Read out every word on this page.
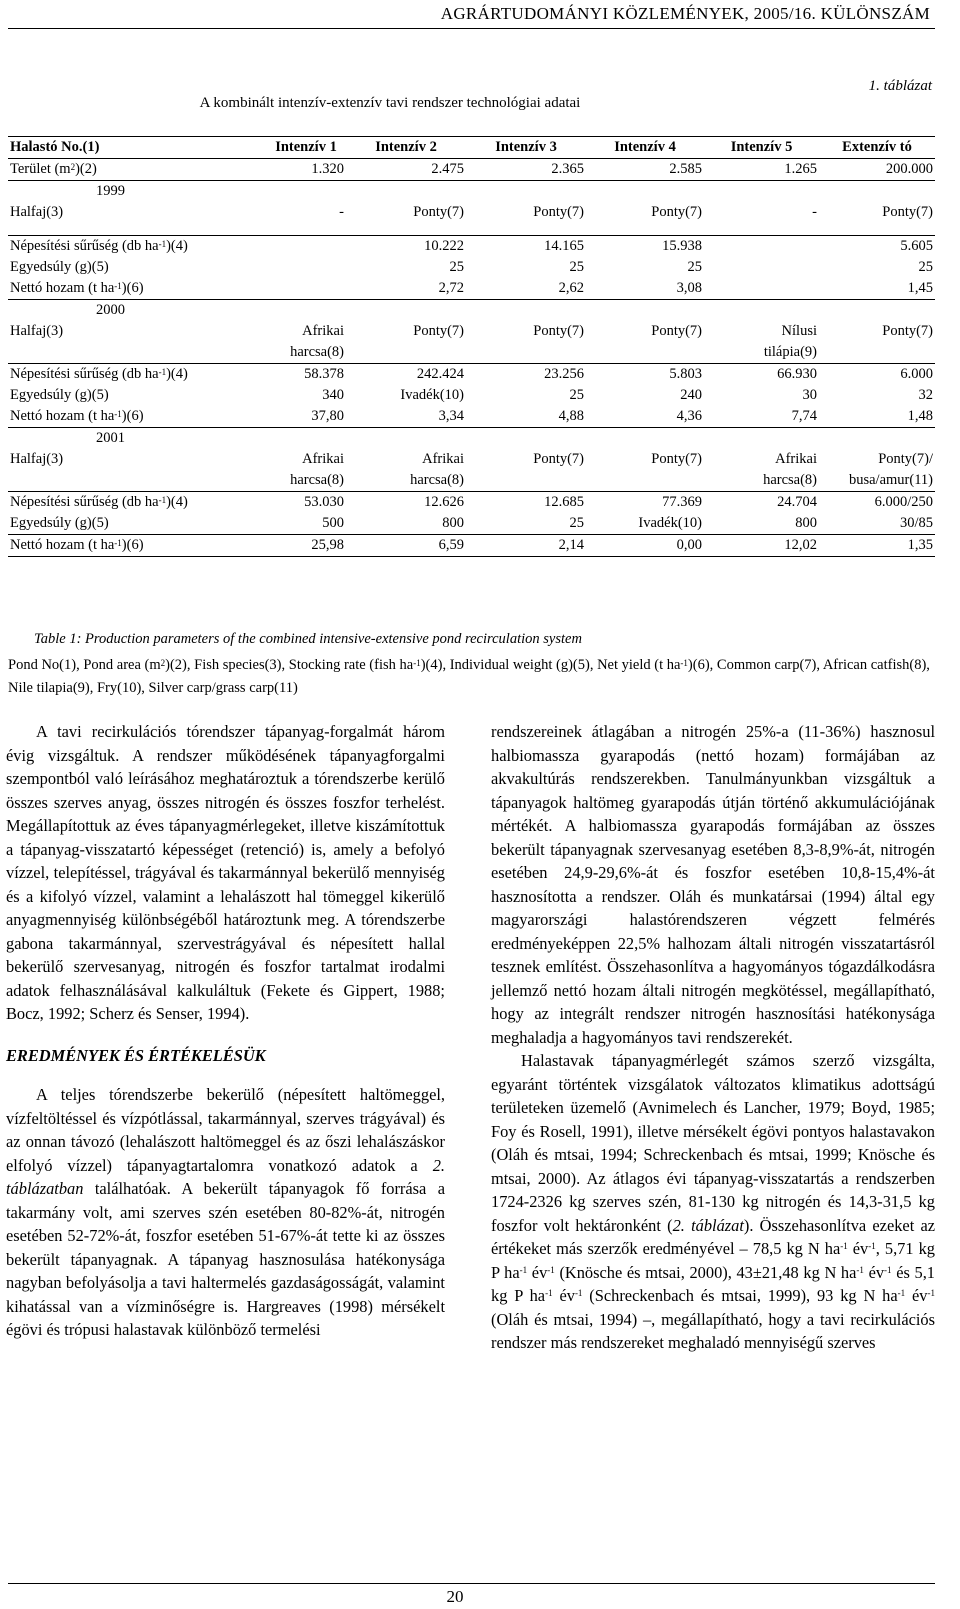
AGRÁRTUDOMÁNYI KÖZLEMÉNYEK, 2005/16. KÜLÖNSZÁM
1. táblázat
A kombinált intenzív-extenzív tavi rendszer technológiai adatai
Halastó No.(1)	Intenzív 1	Intenzív 2	Intenzív 3	Intenzív 4	Intenzív 5	Extenzív tó
Terület $(m^2)(2)$	1.320	2.475	2.365	2.585	1.265	200.000
1999						
Halfaj(3)	-	Ponty(7)	Ponty(7)	Ponty(7)	-	Ponty(7)

Népesítési sűrűség (db $ha^{-1})(4)$		10.222	14.165	15.938		5.605
Egyedsúly (g)(5)		25	25	25		25
Nettó hozam (t $ha^{-1})(6)$		2,72	2,62	3,08		1,45
2000						
Halfaj(3)	Afrikai	Ponty(7)	Ponty(7)	Ponty(7)	Nílusi	Ponty(7)
	harcsa(8)				tilápia(9)	
Népesítési sűrűség (db $ha^{-1})(4)$	58.378	242.424	23.256	5.803	66.930	6.000
Egyedsúly (g)(5)	340	Ivadék(10)	25	240	30	32
Nettó hozam (t $ha^{-1})(6)$	37,80	3,34	4,88	4,36	7,74	1,48
2001						
Halfaj(3)	Afrikai	Afrikai	Ponty(7)	Ponty(7)	Afrikai	Ponty(7)/
	harcsa(8)	harcsa(8)			harcsa(8)	busa/amur(11)
Népesítési sűrűség (db $ha^{-1})(4)$	53.030	12.626	12.685	77.369	24.704	6.000/250
Egyedsúly (g)(5)	500	800	25	Ivadék(10)	800	30/85
Nettó hozam (t $ha^{-1})(6)$	25,98	6,59	2,14	0,00	12,02	1,35
Table 1: Production parameters of the combined intensive-extensive pond recirculation system
Pond No(1), Pond area $(m^2)(2)$, Fish species(3), Stocking rate (fish $ha^{-1})(4)$, Individual weight (g)(5), Net yield (t $ha^{-1})(6)$, Common carp(7), African catfish(8), Nile tilapia(9), Fry(10), Silver carp/grass carp(11)

A tavi recirkulációs tórendszer tápanyag-forgalmát három évig vizsgáltuk. A rendszer működésének tápanyagforgalmi szempontból való leírásához meghatároztuk a tórendszerbe kerülő összes szerves anyag, összes nitrogén és összes foszfor terhelést. Megállapítottuk az éves tápanyagmérlegeket, illetve kiszámítottuk a tápanyag-visszatartó képességet (retenció) is, amely a befolyó vízzel, telepítéssel, trágyával és takarmánnyal bekerülő mennyiség és a kifolyó vízzel, valamint a lehalászott hal tömeggel kikerülő anyagmennyiség különbségéből határoztunk meg. A tórendszerbe gabona takarmánnyal, szervestrágyával és népesített hallal bekerülő szervesanyag, nitrogén és foszfor tartalmat irodalmi adatok felhasználásával kalkuláltuk (Fekete és Gippert, 1988; Bocz, 1992; Scherz és Senser, 1994).

EREDMÉNYEK ÉS ÉRTÉKELÉSÜK

A teljes tórendszerbe bekerülő (népesített haltömeggel, vízfeltöltéssel és vízpótlással, takarmánnyal, szerves trágyával) és az onnan távozó (lehalászott haltömeggel és az őszi lehalászáskor elfolyó vízzel) tápanyagtartalomra vonatkozó adatok a 2. táblázatban találhatóak. A bekerült tápanyagok fő forrása a takarmány volt, ami szerves szén esetében 80-82%-át, nitrogén esetében 52-72%-át, foszfor esetében 51-67%-át tette ki az összes bekerült tápanyagnak. A tápanyag hasznosulása hatékonysága nagyban befolyásolja a tavi haltermelés gazdaságosságát, valamint kihatással van a vízminőségre is. Hargreaves (1998) mérsékelt égövi és trópusi halastavak különböző termelési

rendszereinek átlagában a nitrogén 25%-a (11-36%) hasznosul halbiomassza gyarapodás (nettó hozam) formájában az akvakultúrás rendszerekben. Tanulmányunkban vizsgáltuk a tápanyagok haltömeg gyarapodás útján történő akkumulációjának mértékét. A halbiomassza gyarapodás formájában az összes bekerült tápanyagnak szervesanyag esetében 8,3-8,9%-át, nitrogén esetében 24,9-29,6%-át és foszfor esetében 10,8-15,4%-át hasznosította a rendszer. Oláh és munkatársai (1994) által egy magyarországi halastórendszeren végzett felmérés eredményeképpen 22,5% halhozam általi nitrogén visszatartásról tesznek említést. Összehasonlítva a hagyományos tógazdálkodásra jellemző nettó hozam általi nitrogén megkötéssel, megállapítható, hogy az integrált rendszer nitrogén hasznosítási hatékonysága meghaladja a hagyományos tavi rendszerekét.

Halastavak tápanyagmérlegét számos szerző vizsgálta, egyaránt történtek vizsgálatok változatos klimatikus adottságú területeken üzemelő (Avnimelech és Lancher, 1979; Boyd, 1985; Foy és Rosell, 1991), illetve mérsékelt égövi pontyos halastavakon (Oláh és mtsai, 1994; Schreckenbach és mtsai, 1999; Knösche és mtsai, 2000). Az átlagos évi tápanyag-visszatartás a rendszerben 1724-2326 kg szerves szén, 81-130 kg nitrogén és 14,3-31,5 kg foszfor volt hektáronként (2. táblázat). Összehasonlítva ezeket az értékeket más szerzők eredményével – 78,5 kg N $ha^{-1}$ $év^{-1}$, 5,71 kg P $ha^{-1}$ $év^{-1}$ (Knösche és mtsai, 2000), 43±21,48 kg N $ha^{-1}$ $év^{-1}$ és 5,1 kg P $ha^{-1}$ $év^{-1}$ (Schreckenbach és mtsai, 1999), 93 kg N $ha^{-1}$ $év^{-1}$ (Oláh és mtsai, 1994) –, megállapítható, hogy a tavi recirkulációs rendszer más rendszereket meghaladó mennyiségű szerves

20
